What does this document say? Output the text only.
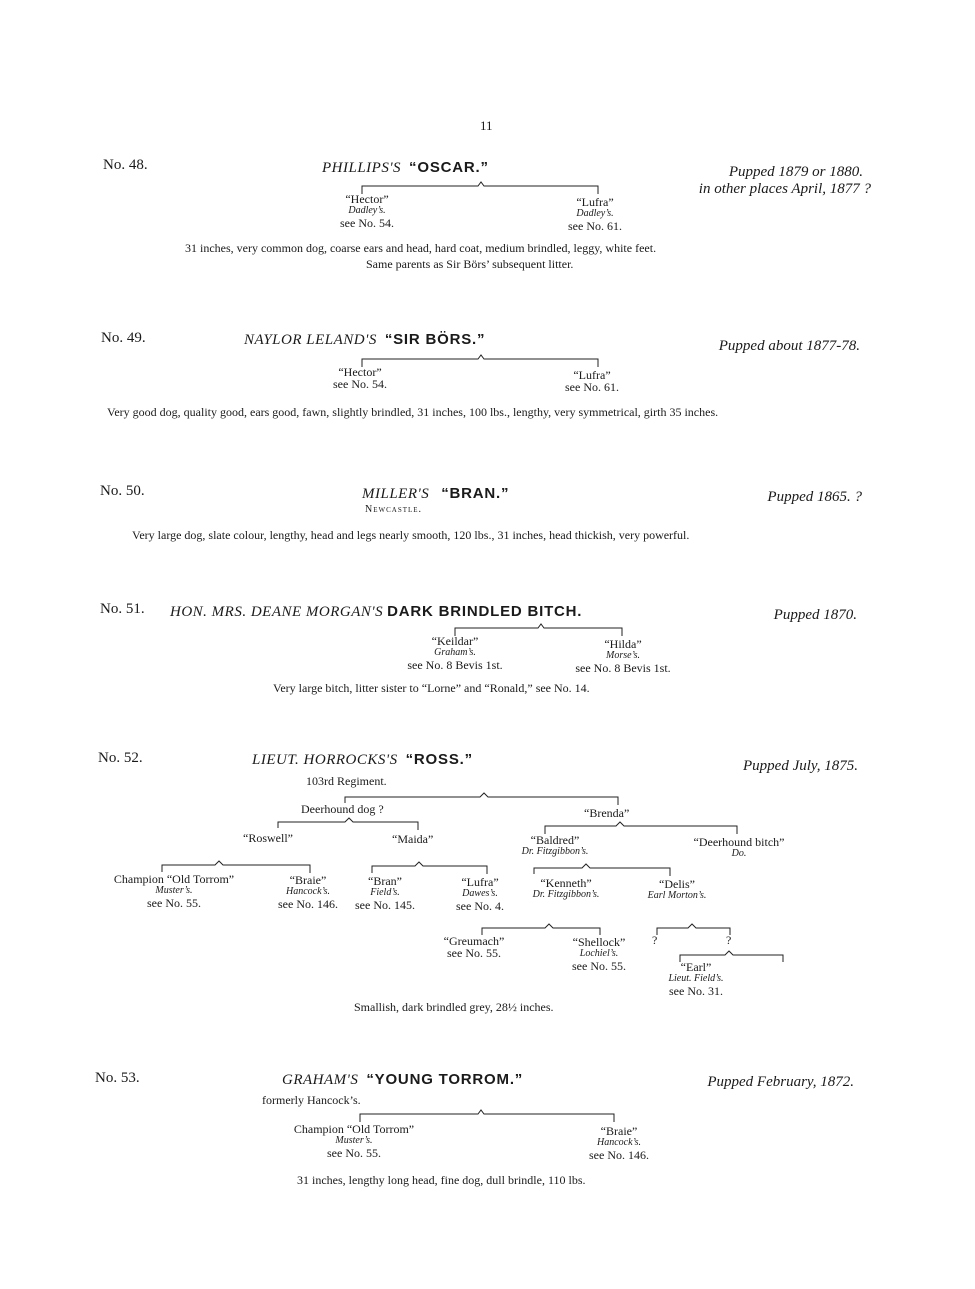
11
No. 48.	PHILLIPS'S “OSCAR.”	Pupped 1879 or 1880.
in other places April, 1877 ?
“Hector”
Dadley’s.
see No. 54.
“Lufra”
Dadley’s.
see No. 61.
31 inches, very common dog, coarse ears and head, hard coat, medium brindled, leggy, white feet.
Same parents as Sir Börs’ subsequent litter.
No. 49.	NAYLOR LELAND'S “SIR BÖRS.”	Pupped about 1877-78.
“Hector”
see No. 54.
“Lufra”
see No. 61.
Very good dog, quality good, ears good, fawn, slightly brindled, 31 inches, 100 lbs., lengthy, very symmetrical, girth 35 inches.
No. 50.	MILLER'S “BRAN.”
Newcastle.
Pupped 1865. ?
Very large dog, slate colour, lengthy, head and legs nearly smooth, 120 lbs., 31 inches, head thickish, very powerful.
No. 51. HON. MRS. DEANE MORGAN'S DARK BRINDLED BITCH.	Pupped 1870.
“Keildar”
Graham’s.
see No. 8 Bevis 1st.
“Hilda”
Morse’s.
see No. 8 Bevis 1st.
Very large bitch, litter sister to “Lorne” and “Ronald,” see No. 14.
No. 52.	LIEUT. HORROCKS'S “ROSS.”
103rd Regiment.
Pupped July, 1875.
Deerhound dog ?	“Brenda”
“Roswell”	“Maida”	“Baldred”
Dr. Fitzgibbon’s.
“Deerhound bitch”
Do.
Champion “Old Torrom”
Muster’s.
see No. 55.
“Braie”
Hancock’s.
see No. 146.
“Bran”
Field’s.
see No. 145.
“Lufra”
Dawes’s.
see No. 4.
“Kenneth”
Dr. Fitzgibbon’s.
“Delis”
Earl Morton’s.
“Greumach”
see No. 55.
“Shellock”
Lochiel’s.
see No. 55.
?	?
“Earl”
Lieut. Field’s.
see No. 31.
Smallish, dark brindled grey, 28½ inches.
No. 53.	GRAHAM'S “YOUNG TORROM.”
formerly Hancock’s.
Pupped February, 1872.
Champion “Old Torrom”
Muster’s.
see No. 55.
“Braie”
Hancock’s.
see No. 146.
31 inches, lengthy long head, fine dog, dull brindle, 110 lbs.
